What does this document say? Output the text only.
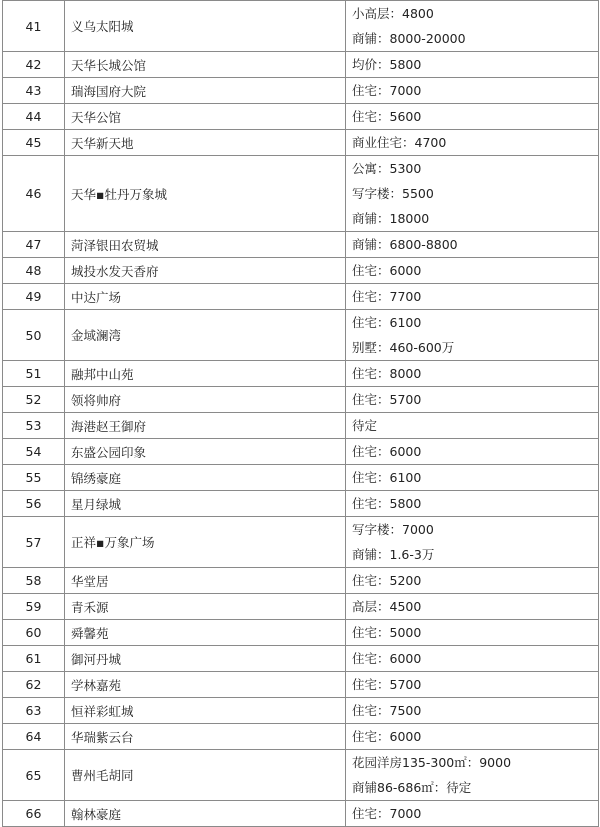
41	义乌太阳城	小高层：4800
商铺：8000-20000

42	天华长城公馆	均价：5800

43	瑞海国府大院	住宅：7000

44	天华公馆	住宅：5600

45	天华新天地	商业住宅：4700

46	天华▪牡丹万象城	公寓：5300
写字楼：5500
商铺：18000

47	菏泽银田农贸城	商铺：6800-8800

48	城投水发天香府	住宅：6000

49	中达广场	住宅：7700

50	金域澜湾	住宅：6100
别墅：460-600万

51	融邦中山苑	住宅：8000

52	领将帅府	住宅：5700

53	海港赵王御府	待定

54	东盛公园印象	住宅：6000

55	锦绣豪庭	住宅：6100

56	星月绿城	住宅：5800

57	正祥▪万象广场	写字楼：7000
商铺：1.6-3万

58	华堂居	住宅：5200

59	青禾源	高层：4500

60	舜馨苑	住宅：5000

61	御河丹城	住宅：6000

62	学林嘉苑	住宅：5700

63	恒祥彩虹城	住宅：7500

64	华瑞紫云台	住宅：6000

65	曹州毛胡同	花园洋房135-300㎡：9000
商铺86-686㎡：待定

66	翰林豪庭	住宅：7000
